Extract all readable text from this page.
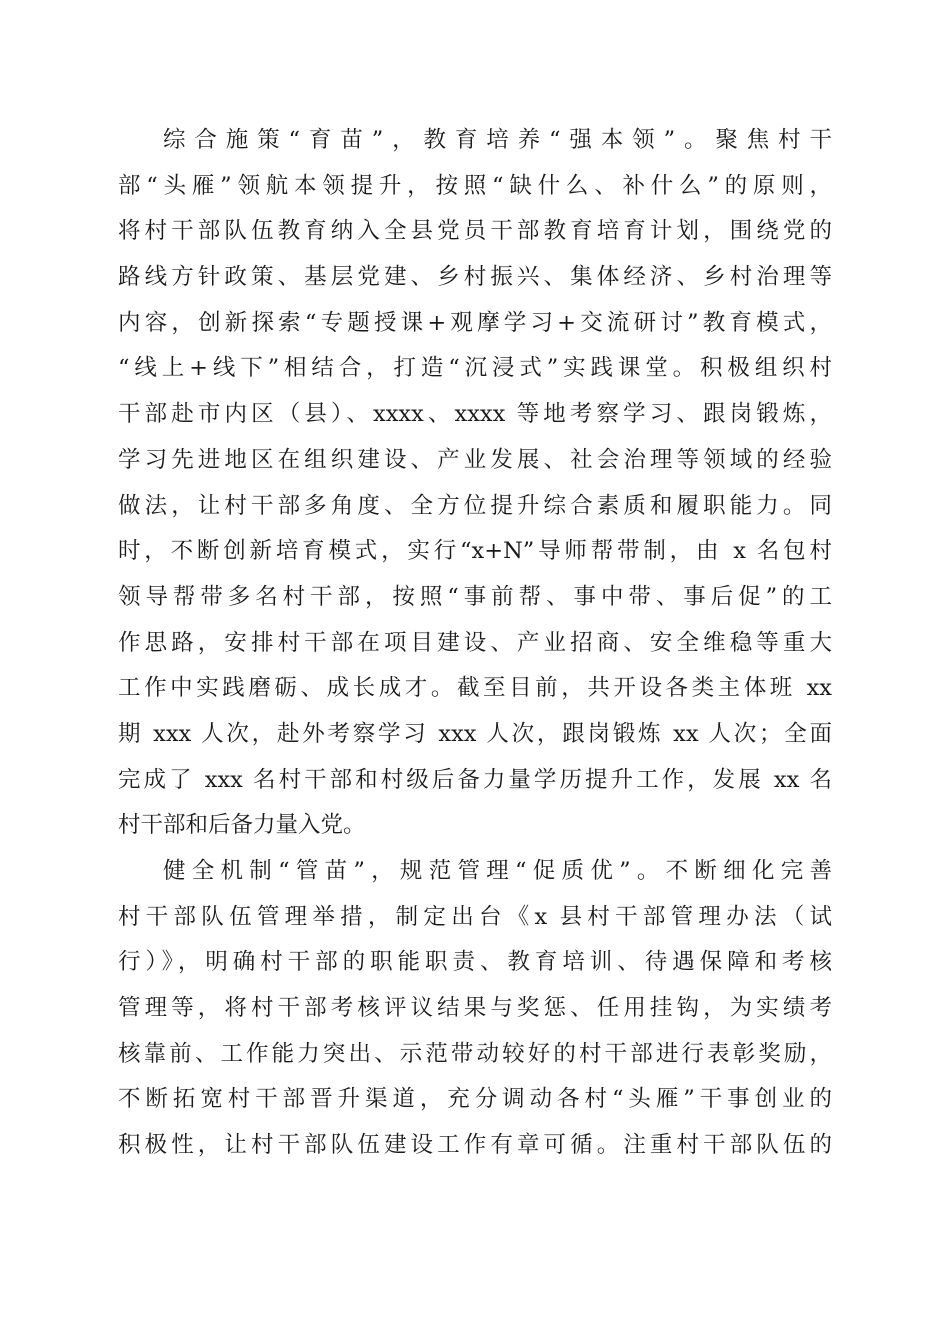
综合施策“育苗”，教育培养“强本领”。聚焦村干
部“头雁”领航本领提升，按照“缺什么、补什么”的原则，
将村干部队伍教育纳入全县党员干部教育培育计划，围绕党的
路线方针政策、基层党建、乡村振兴、集体经济、乡村治理等
内容，创新探索“专题授课+观摩学习+交流研讨”教育模式，
“线上+线下”相结合，打造“沉浸式”实践课堂。积极组织村
干部赴市内区（县）、xxxx、xxxx 等地考察学习、跟岗锻炼，
学习先进地区在组织建设、产业发展、社会治理等领域的经验
做法，让村干部多角度、全方位提升综合素质和履职能力。同
时，不断创新培育模式，实行“x+N”导师帮带制，由 x 名包村
领导帮带多名村干部，按照“事前帮、事中带、事后促”的工
作思路，安排村干部在项目建设、产业招商、安全维稳等重大
工作中实践磨砺、成长成才。截至目前，共开设各类主体班 xx
期 xxx 人次，赴外考察学习 xxx 人次，跟岗锻炼 xx 人次；全面
完成了 xxx 名村干部和村级后备力量学历提升工作，发展 xx 名
村干部和后备力量入党。
健全机制“管苗”，规范管理“促质优”。不断细化完善
村干部队伍管理举措，制定出台《x 县村干部管理办法（试
行）》，明确村干部的职能职责、教育培训、待遇保障和考核
管理等，将村干部考核评议结果与奖惩、任用挂钩，为实绩考
核靠前、工作能力突出、示范带动较好的村干部进行表彰奖励，
不断拓宽村干部晋升渠道，充分调动各村“头雁”干事创业的
积极性，让村干部队伍建设工作有章可循。注重村干部队伍的
